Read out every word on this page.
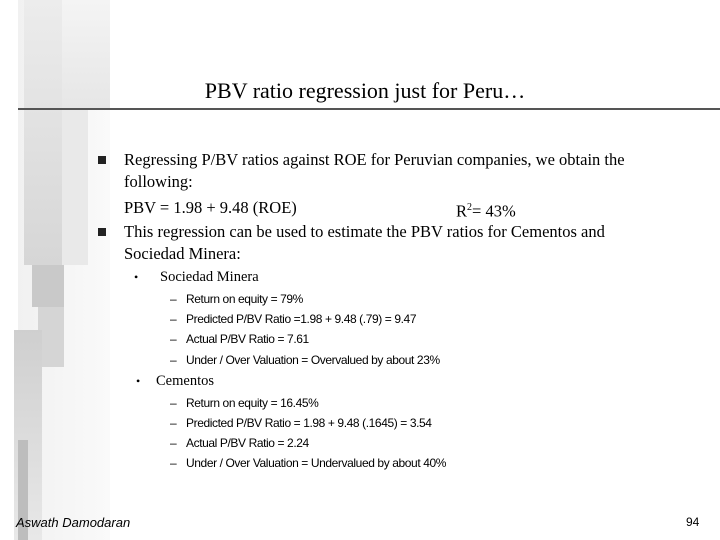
PBV ratio regression just for Peru…
Regressing P/BV ratios against ROE for Peruvian companies, we obtain the
following:
PBV = 1.98 + 9.48 (ROE)	$R^2= 43\%$
This regression can be used to estimate the PBV ratios for Cementos and
Sociedad Minera:
• Sociedad Minera
– Return on equity = 79%
– Predicted P/BV Ratio =1.98 + 9.48 (.79) = 9.47
– Actual P/BV Ratio = 7.61
– Under / Over Valuation = Overvalued by about 23%
• Cementos
– Return on equity = 16.45%
– Predicted P/BV Ratio = 1.98 + 9.48 (.1645) = 3.54
– Actual P/BV Ratio = 2.24
– Under / Over Valuation = Undervalued by about 40%
Aswath Damodaran	94
